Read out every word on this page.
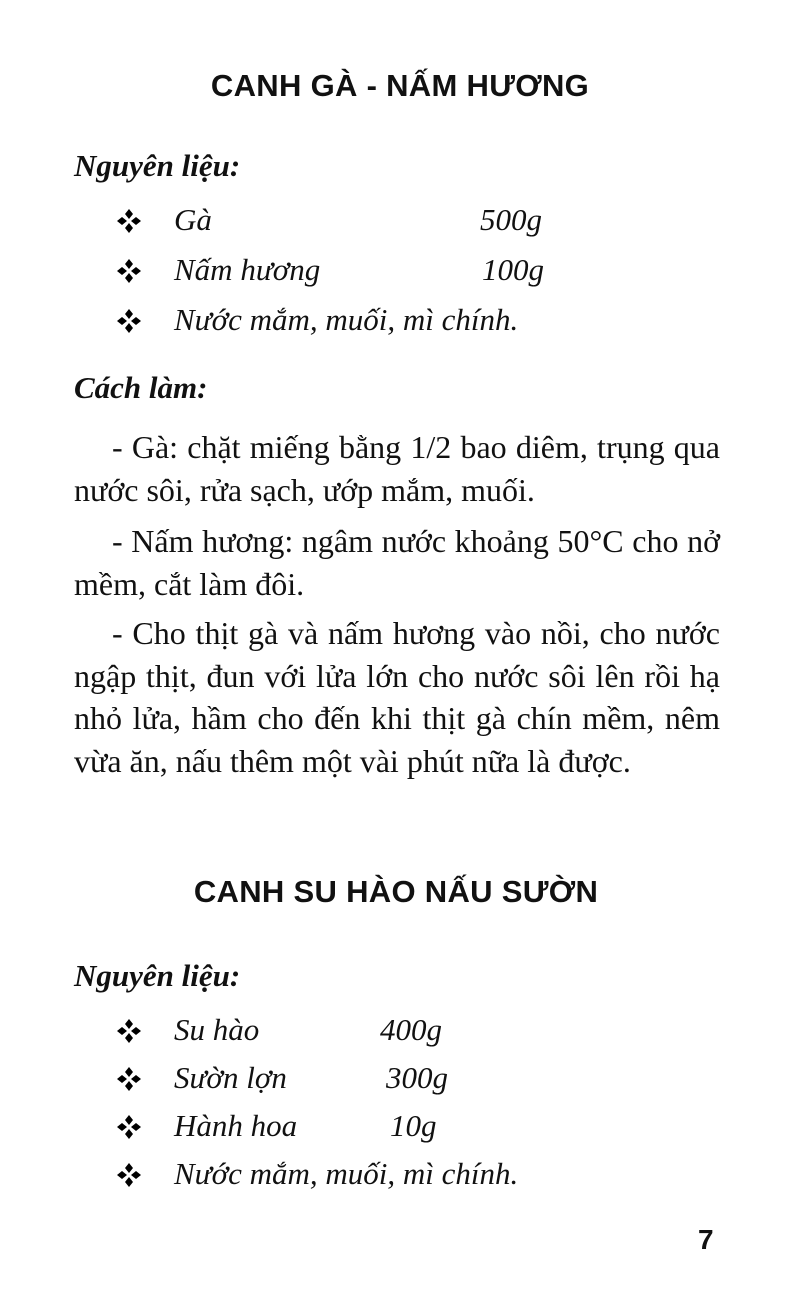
CANH GÀ - NẤM HƯƠNG
Nguyên liệu:
Gà	500g
Nấm hương	100g
Nước mắm, muối, mì chính.
Cách làm:
- Gà: chặt miếng bằng 1/2 bao diêm, trụng qua nước sôi, rửa sạch, ướp mắm, muối.
- Nấm hương: ngâm nước khoảng 50°C cho nở mềm, cắt làm đôi.
- Cho thịt gà và nấm hương vào nồi, cho nước ngập thịt, đun với lửa lớn cho nước sôi lên rồi hạ nhỏ lửa, hầm cho đến khi thịt gà chín mềm, nêm vừa ăn, nấu thêm một vài phút nữa là được.
CANH SU HÀO NẤU SƯỜN
Nguyên liệu:
Su hào	400g
Sườn lợn	300g
Hành hoa	10g
Nước mắm, muối, mì chính.
7
